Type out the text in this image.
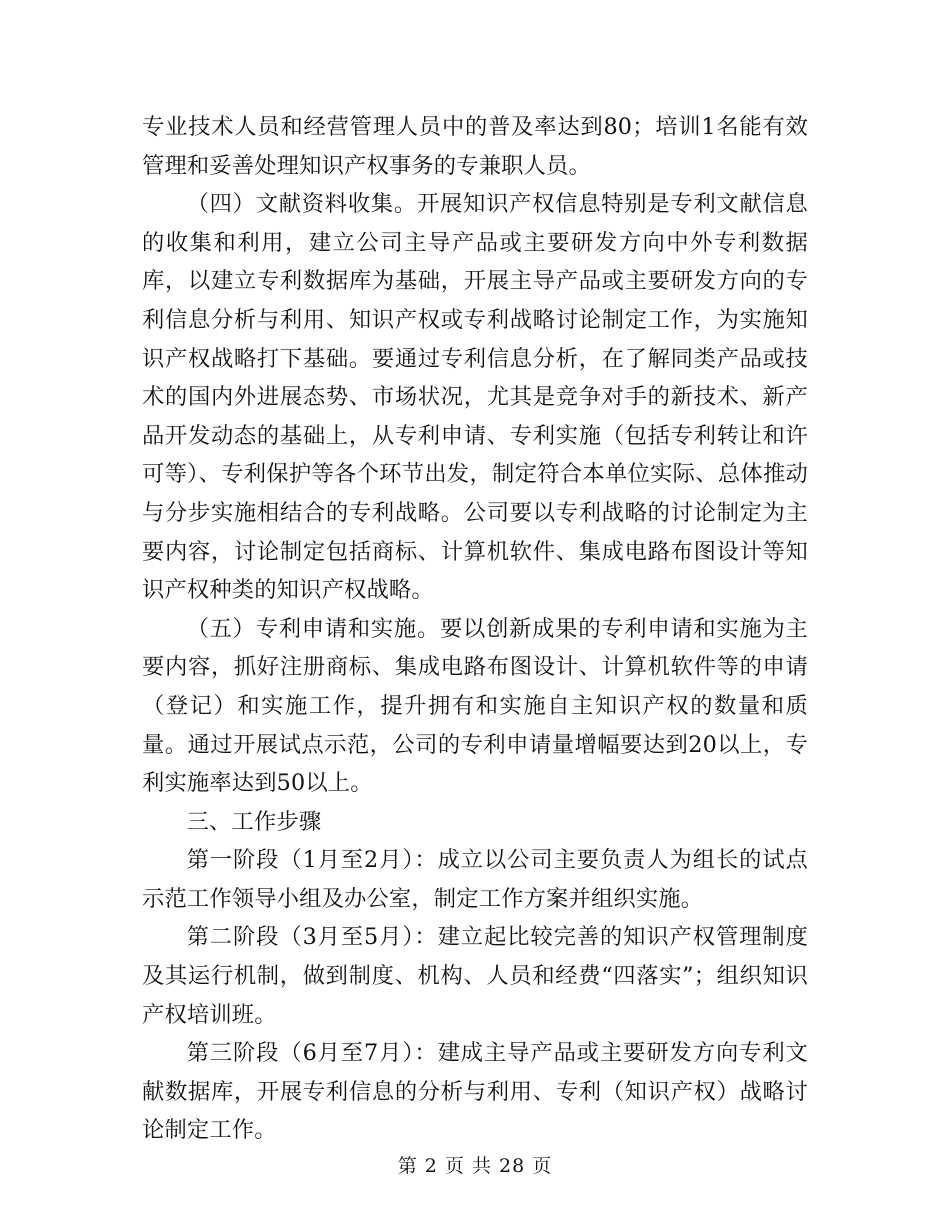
专业技术人员和经营管理人员中的普及率达到80；培训1名能有效管理和妥善处理知识产权事务的专兼职人员。

（四）文献资料收集。开展知识产权信息特别是专利文献信息的收集和利用，建立公司主导产品或主要研发方向中外专利数据库，以建立专利数据库为基础，开展主导产品或主要研发方向的专利信息分析与利用、知识产权或专利战略讨论制定工作，为实施知识产权战略打下基础。要通过专利信息分析，在了解同类产品或技术的国内外进展态势、市场状况，尤其是竞争对手的新技术、新产品开发动态的基础上，从专利申请、专利实施（包括专利转让和许可等）、专利保护等各个环节出发，制定符合本单位实际、总体推动与分步实施相结合的专利战略。公司要以专利战略的讨论制定为主要内容，讨论制定包括商标、计算机软件、集成电路布图设计等知识产权种类的知识产权战略。

（五）专利申请和实施。要以创新成果的专利申请和实施为主要内容，抓好注册商标、集成电路布图设计、计算机软件等的申请（登记）和实施工作，提升拥有和实施自主知识产权的数量和质量。通过开展试点示范，公司的专利申请量增幅要达到20以上，专利实施率达到50以上。

三、工作步骤

第一阶段（1月至2月）：成立以公司主要负责人为组长的试点示范工作领导小组及办公室，制定工作方案并组织实施。

第二阶段（3月至5月）：建立起比较完善的知识产权管理制度及其运行机制，做到制度、机构、人员和经费“四落实”；组织知识产权培训班。

第三阶段（6月至7月）：建成主导产品或主要研发方向专利文献数据库，开展专利信息的分析与利用、专利（知识产权）战略讨论制定工作。

第 2 页 共 28 页
